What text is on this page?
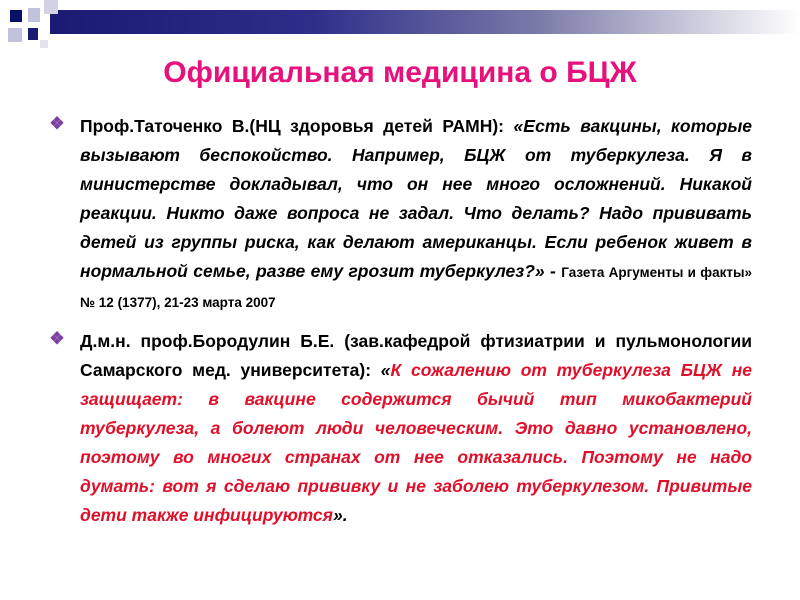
Официальная медицина о БЦЖ
❖ Проф.Таточенко В.(НЦ здоровья детей РАМН): «Есть вакцины, которые вызывают беспокойство. Например, БЦЖ от туберкулеза. Я в министерстве докладывал, что он нее много осложнений. Никакой реакции. Никто даже вопроса не задал. Что делать? Надо прививать детей из группы риска, как делают американцы. Если ребенок живет в нормальной семье, разве ему грозит туберкулез?» - Газета Аргументы и факты» № 12 (1377), 21-23 марта 2007
❖ Д.м.н. проф.Бородулин Б.Е. (зав.кафедрой фтизиатрии и пульмонологии Самарского мед. университета): «К сожалению от туберкулеза БЦЖ не защищает: в вакцине содержится бычий тип микобактерий туберкулеза, а болеют люди человеческим. Это давно установлено, поэтому во многих странах от нее отказались. Поэтому не надо думать: вот я сделаю прививку и не заболею туберкулезом. Привитые дети также инфицируются».
